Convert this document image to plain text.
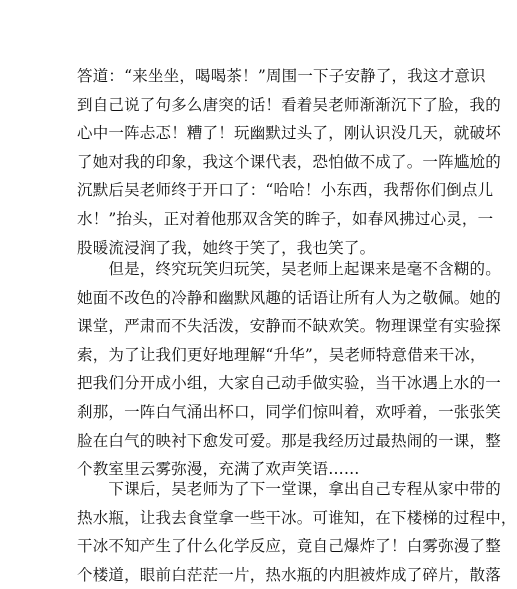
答道：“来坐坐，喝喝茶！”周围一下子安静了，我这才意识
到自己说了句多么唐突的话！看着吴老师渐渐沉下了脸，我的
心中一阵忐忑！糟了！玩幽默过头了，刚认识没几天，就破坏
了她对我的印象，我这个课代表，恐怕做不成了。一阵尴尬的
沉默后吴老师终于开口了：“哈哈！小东西，我帮你们倒点儿
水！”抬头，正对着他那双含笑的眸子，如春风拂过心灵，一
股暖流浸润了我，她终于笑了，我也笑了。
　　但是，终究玩笑归玩笑，吴老师上起课来是毫不含糊的。
她面不改色的冷静和幽默风趣的话语让所有人为之敬佩。她的
课堂，严肃而不失活泼，安静而不缺欢笑。物理课堂有实验探
索，为了让我们更好地理解“升华”，吴老师特意借来干冰，
把我们分开成小组，大家自己动手做实验，当干冰遇上水的一
刹那，一阵白气涌出杯口，同学们惊叫着，欢呼着，一张张笑
脸在白气的映衬下愈发可爱。那是我经历过最热闹的一课，整
个教室里云雾弥漫，充满了欢声笑语……
　　下课后，吴老师为了下一堂课，拿出自己专程从家中带的
热水瓶，让我去食堂拿一些干冰。可谁知，在下楼梯的过程中，
干冰不知产生了什么化学反应，竟自己爆炸了！白雾弥漫了整
个楼道，眼前白茫茫一片，热水瓶的内胆被炸成了碎片，散落
